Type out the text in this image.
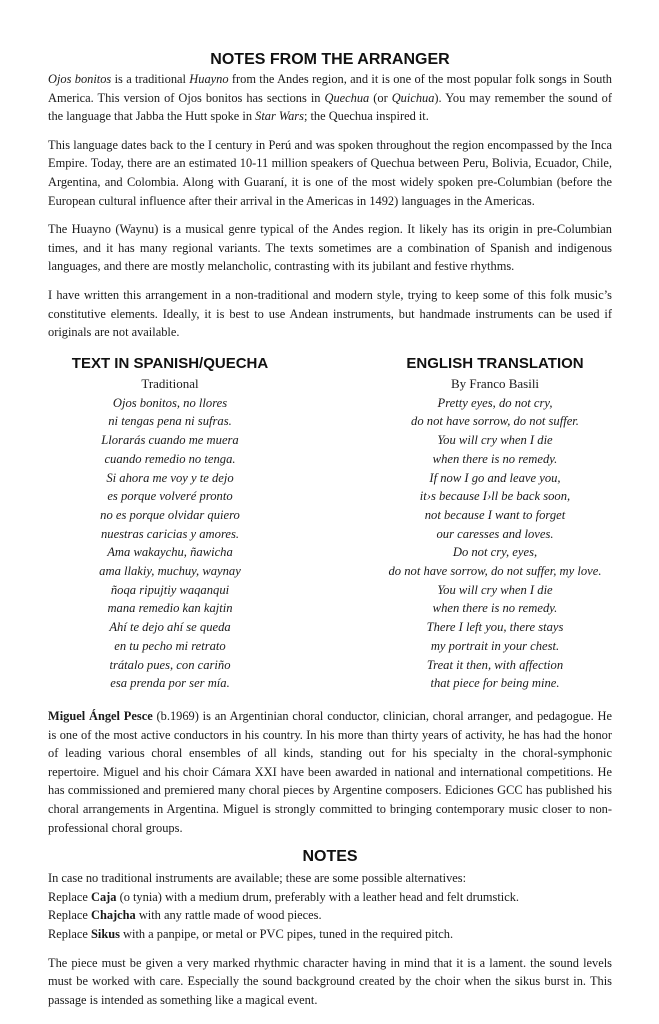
NOTES FROM THE ARRANGER

Ojos bonitos is a traditional Huayno from the Andes region, and it is one of the most popular folk songs in South America. This version of Ojos bonitos has sections in Quechua (or Quichua). You may remember the sound of the language that Jabba the Hutt spoke in Star Wars; the Quechua inspired it.

This language dates back to the I century in Perú and was spoken throughout the region encompassed by the Inca Empire. Today, there are an estimated 10-11 million speakers of Quechua between Peru, Bolivia, Ecuador, Chile, Argentina, and Colombia. Along with Guaraní, it is one of the most widely spoken pre-Columbian (before the European cultural influence after their arrival in the Americas in 1492) languages in the Americas.

The Huayno (Waynu) is a musical genre typical of the Andes region. It likely has its origin in pre-Columbian times, and it has many regional variants. The texts sometimes are a combination of Spanish and indigenous languages, and there are mostly melancholic, contrasting with its jubilant and festive rhythms.

I have written this arrangement in a non-traditional and modern style, trying to keep some of this folk music’s constitutive elements. Ideally, it is best to use Andean instruments, but handmade instruments can be used if originals are not available.

TEXT IN SPANISH/QUECHA
Traditional
Ojos bonitos, no llores
ni tengas pena ni sufras.
Llorarás cuando me muera
cuando remedio no tenga.
Si ahora me voy y te dejo
es porque volveré pronto
no es porque olvidar quiero
nuestras caricias y amores.
Ama wakaychu, ñawicha
ama llakiy, muchuy, waynay
ñoqa ripujtiy waqanqui
mana remedio kan kajtin
Ahí te dejo ahí se queda
en tu pecho mi retrato
trátalo pues, con cariño
esa prenda por ser mía.
ENGLISH TRANSLATION
By Franco Basili
Pretty eyes, do not cry,
do not have sorrow, do not suffer.
You will cry when I die
when there is no remedy.
If now I go and leave you,
it›s because I›ll be back soon,
not because I want to forget
our caresses and loves.
Do not cry, eyes,
do not have sorrow, do not suffer, my love.
You will cry when I die
when there is no remedy.
There I left you, there stays
my portrait in your chest.
Treat it then, with affection
that piece for being mine.

Miguel Ángel Pesce (b.1969) is an Argentinian choral conductor, clinician, choral arranger, and pedagogue. He is one of the most active conductors in his country. In his more than thirty years of activity, he has had the honor of leading various choral ensembles of all kinds, standing out for his specialty in the choral-symphonic repertoire. Miguel and his choir Cámara XXI have been awarded in national and international competitions. He has commissioned and premiered many choral pieces by Argentine composers. Ediciones GCC has published his choral arrangements in Argentina. Miguel is strongly committed to bringing contemporary music closer to non-professional choral groups.

NOTES
In case no traditional instruments are available; these are some possible alternatives:
Replace Caja (o tynia) with a medium drum, preferably with a leather head and felt drumstick.
Replace Chajcha with any rattle made of wood pieces.
Replace Sikus with a panpipe, or metal or PVC pipes, tuned in the required pitch.

The piece must be given a very marked rhythmic character having in mind that it is a lament. the sound levels must be worked with care. Especially the sound background created by the choir when the sikus burst in. This passage is intended as something like a magical event.
